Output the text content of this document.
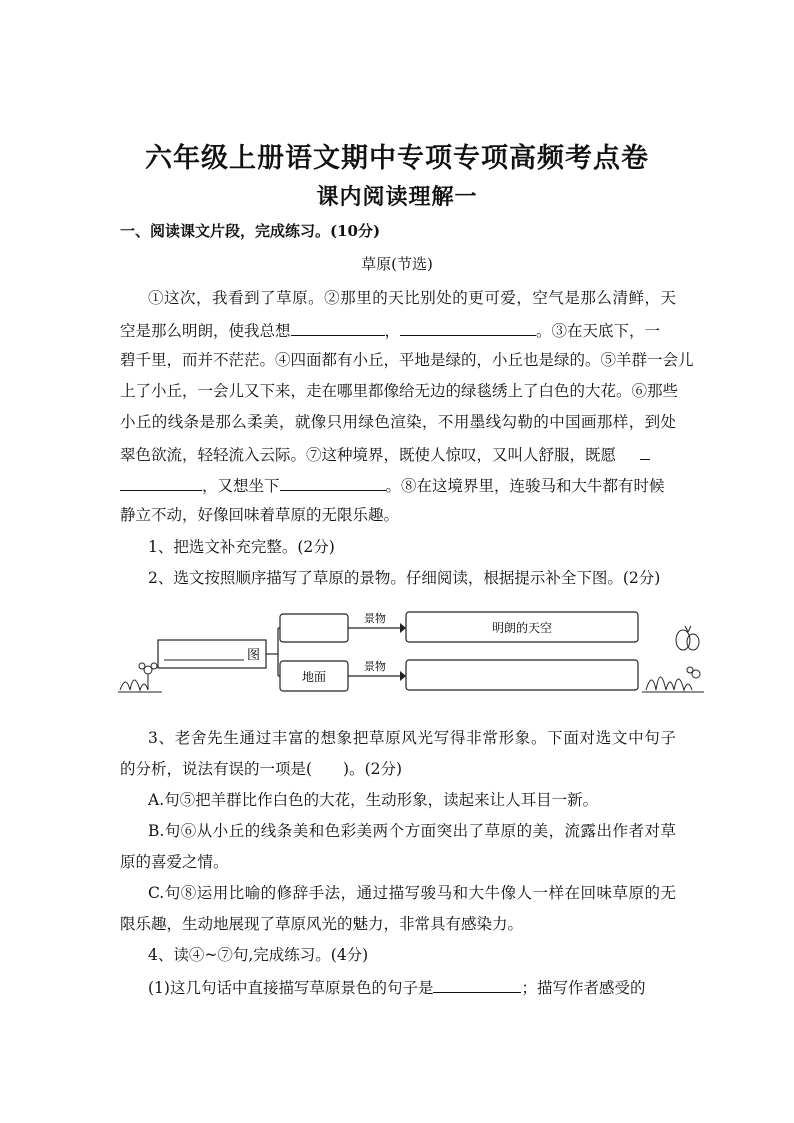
六年级上册语文期中专项专项高频考点卷
课内阅读理解一
一、阅读课文片段，完成练习。(10分)
草原(节选)
①这次，我看到了草原。②那里的天比别处的更可爱，空气是那么清鲜，天
空是那么明朗，使我总想	，	。③在天底下，一
碧千里，而并不茫茫。④四面都有小丘，平地是绿的，小丘也是绿的。⑤羊群一会儿
上了小丘，一会儿又下来，走在哪里都像给无边的绿毯绣上了白色的大花。⑥那些
小丘的线条是那么柔美，就像只用绿色渲染，不用墨线勾勒的中国画那样，到处
翠色欲流，轻轻流入云际。⑦这种境界，既使人惊叹，又叫人舒服，既愿
，又想坐下	。⑧在这境界里，连骏马和大牛都有时候
静立不动，好像回味着草原的无限乐趣。
1、把选文补充完整。(2分)
2、选文按照顺序描写了草原的景物。仔细阅读，根据提示补全下图。(2分)
图
地面
景物
景物
明朗的天空
3、老舍先生通过丰富的想象把草原风光写得非常形象。下面对选文中句子
的分析，说法有误的一项是(　　)。(2分)
A.句⑤把羊群比作白色的大花，生动形象，读起来让人耳目一新。
B.句⑥从小丘的线条美和色彩美两个方面突出了草原的美，流露出作者对草
原的喜爱之情。
C.句⑧运用比喻的修辞手法，通过描写骏马和大牛像人一样在回味草原的无
限乐趣，生动地展现了草原风光的魅力，非常具有感染力。
4、读④~⑦句,完成练习。(4分)
(1)这几句话中直接描写草原景色的句子是	；描写作者感受的
